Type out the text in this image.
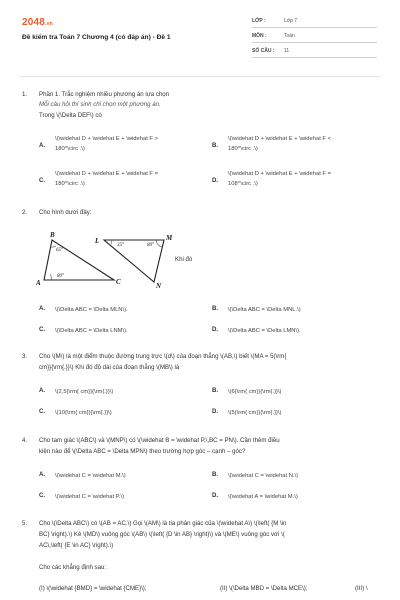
2048.vn
Đề kiểm tra Toán 7 Chương 4 (có đáp án) - Đề 1
LỚP :	Lớp 7
MÔN :	Toán
SỐ CÂU : 11
1. Phần 1. Trắc nghiệm nhiều phương án lựa chọn
Mỗi câu hỏi thí sinh chỉ chọn một phương án.
Trong \(\Delta DEF\) có
A.
\(\widehat D + \widehat E + \widehat F >
180^\circ .\)	B.
\(\widehat D + \widehat E + \widehat F <
180^\circ .\)
C.
\(\widehat D + \widehat E + \widehat F =
180^\circ .\)	D.
\(\widehat D + \widehat E + \widehat F =
108^\circ .\)
2. Cho hình dưới đây:
B
A	C
L	M
N
65°
80°
35°	80°
Khi đó
A. \(\Delta ABC = \Delta MLN\).	B. \(\Delta ABC = \Delta MNL.\)
C. \(\Delta ABC = \Delta LNM\).	D. \(\Delta ABC = \Delta LMN\).
3. Cho \(M\) là một điểm thuộc đường trung trực \(d\) của đoạn thẳng \(AB,\) biết \(MA = 5(\rm{
cm}}{\rm{.}}\) Khi đó độ dài của đoạn thẳng \(MB\) là
A. \(2,5{\rm{ cm}}{\rm{.}}\)	B. \(6{\rm{ cm}}{\rm{.}}\)
C. \(10{\rm{ cm}}{\rm{.}}\)	D. \(5{\rm{ cm}}{\rm{.}}\)
4. Cho tam giác \(ABC\) và \(MNP\) có \(\widehat B = \widehat P,\,BC = PN\). Cần thêm điều
kiện nào để \(\Delta ABC = \Delta MPN\) theo trường hợp góc – cạnh – góc?
A. \(\widehat C = \widehat M.\)	B. \(\widehat C = \widehat N.\)
C. \(\widehat C = \widehat P.\)	D. \(\widehat A = \widehat M.\)
5. Cho \(\Delta ABC\) có \(AB = AC.\) Gọi \(AM\) là tia phân giác của \(\widehat A\) \(\left( {M \in
BC} \right).\) Kẻ \(MD\) vuông góc \(AB\) \(\left( {D \in AB} \right)\) và \(ME\) vuông góc với \(
AC\,\left( {E \in AC} \right).\)
Cho các khẳng định sau:
(I) \(\widehat {BMD} = \widehat {CME}\);	(II) \(\Delta MBD = \Delta MCE\);	(III) \
